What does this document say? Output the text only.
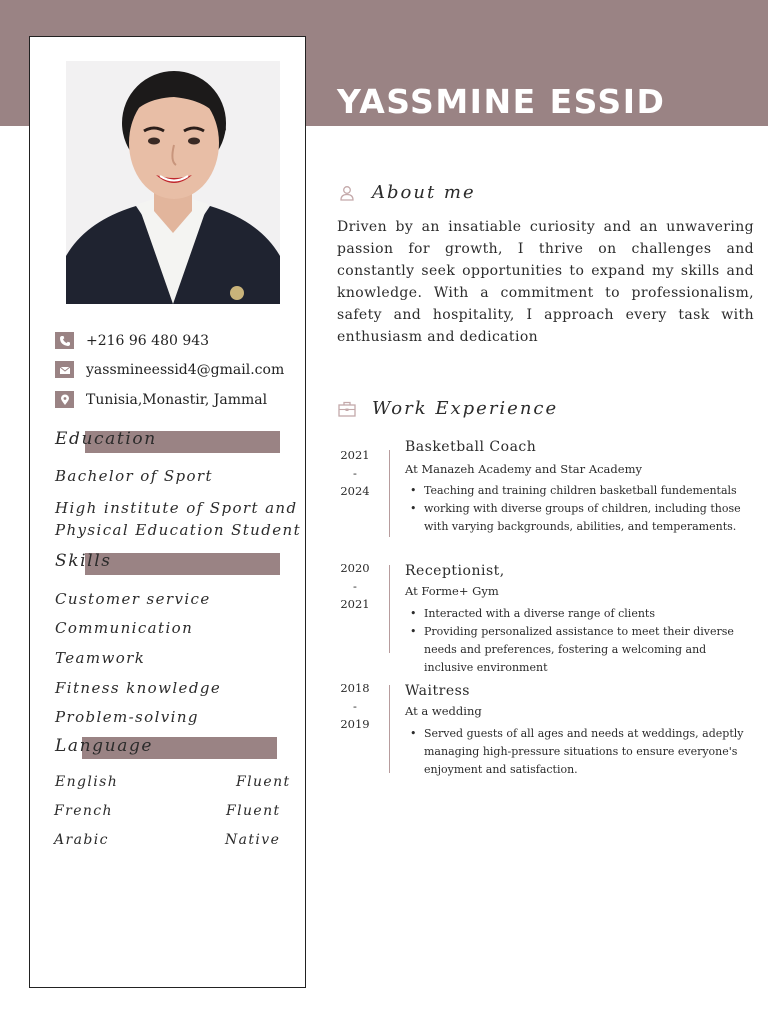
YASSMINE ESSID
+216 96 480 943
yassmineessid4@gmail.com
Tunisia,Monastir, Jammal
Education
Bachelor of Sport
High institute of Sport and
Physical Education Student
Skills
Customer service
Communication
Teamwork
Fitness knowledge
Problem-solving
Language
English	Fluent
French	Fluent
Arabic	Native
About me
Driven by an insatiable curiosity and an unwavering passion for growth, I thrive on challenges and constantly seek opportunities to expand my skills and knowledge. With a commitment to professionalism, safety and hospitality, I approach every task with enthusiasm and dedication
Work Experience
2021
-
2024
Basketball Coach
At Manazeh Academy and Star Academy
• Teaching and training children basketball fundementals
• working with diverse groups of children, including those with varying backgrounds, abilities, and temperaments.
2020
-
2021
Receptionist,
At Forme+ Gym
• Interacted with a diverse range of clients
• Providing personalized assistance to meet their diverse needs and preferences, fostering a welcoming and inclusive environment
2018
-
2019
Waitress
At a wedding
• Served guests of all ages and needs at weddings, adeptly managing high-pressure situations to ensure everyone's enjoyment and satisfaction.
